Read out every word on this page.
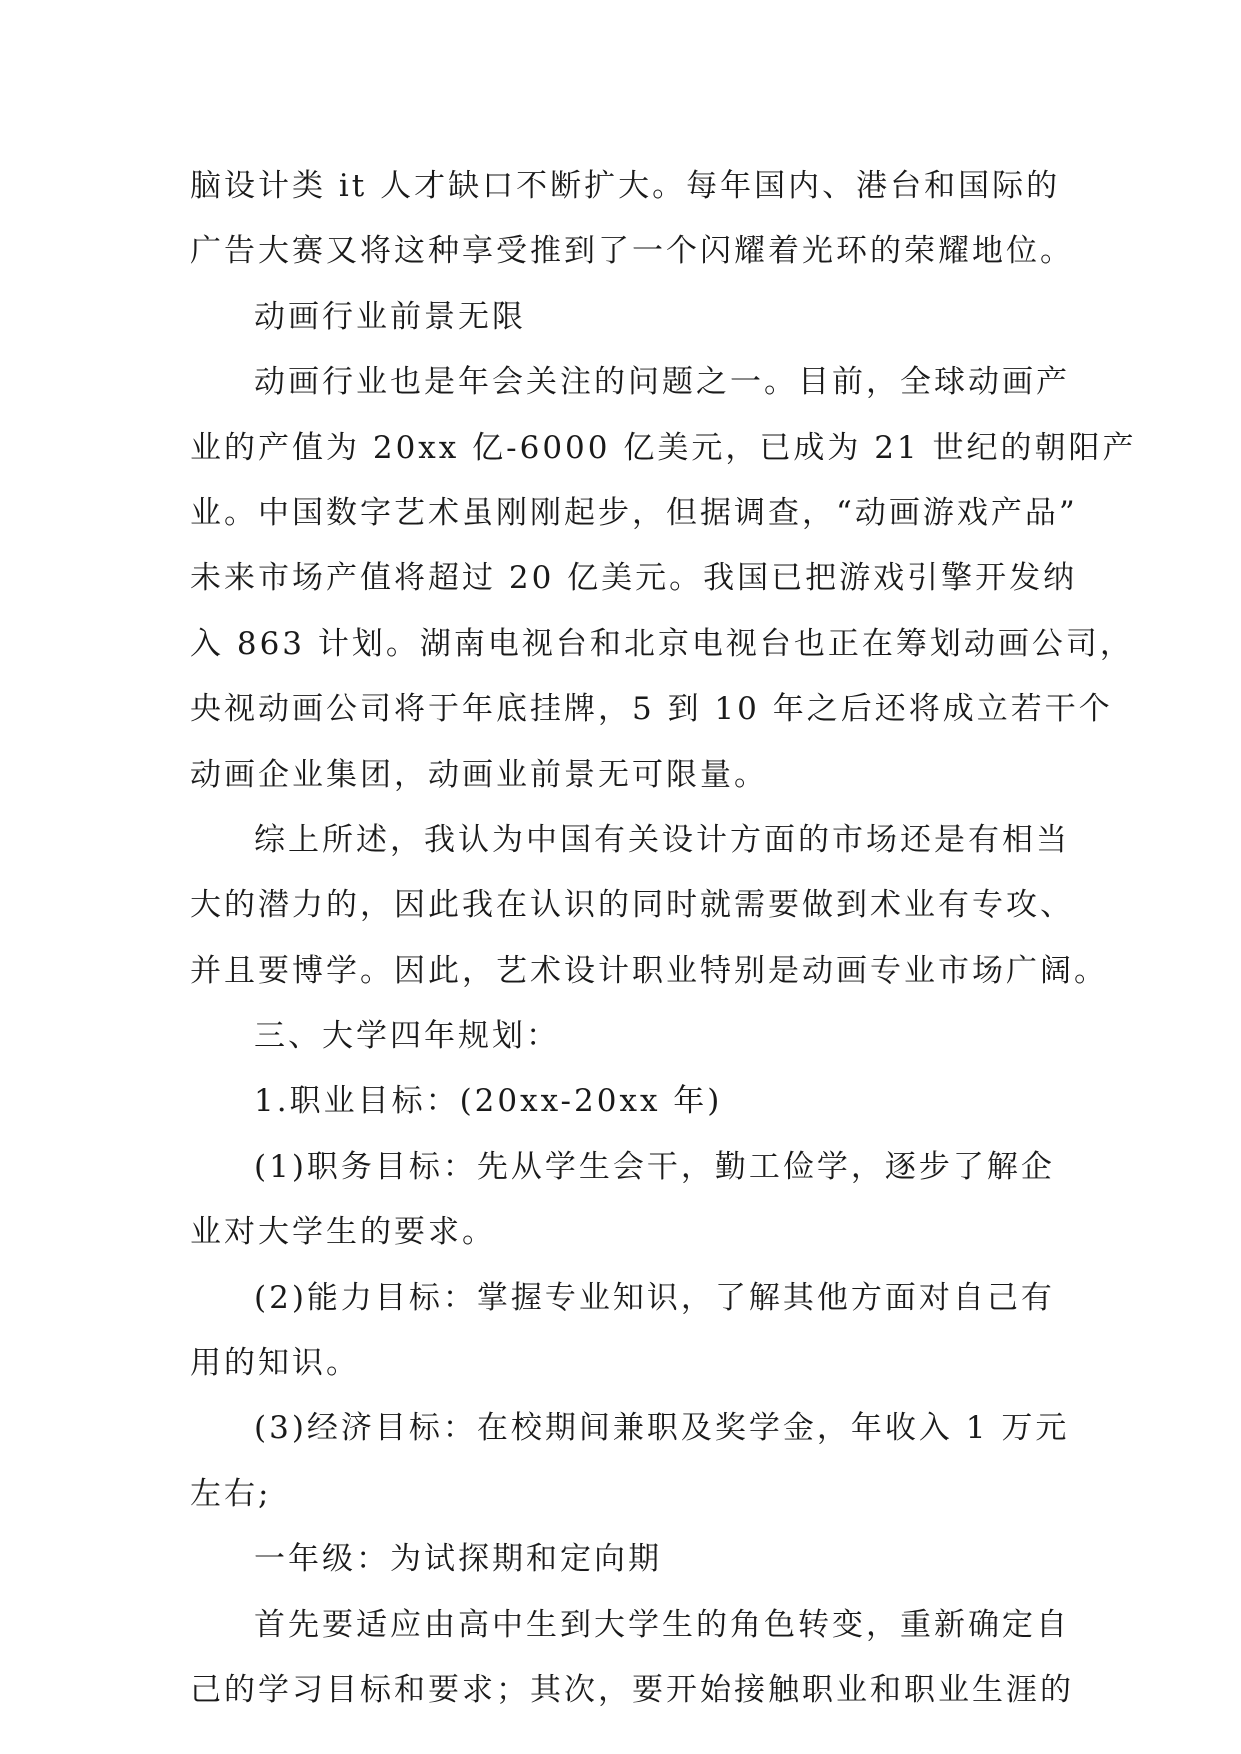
脑设计类 it 人才缺口不断扩大。每年国内、港台和国际的
广告大赛又将这种享受推到了一个闪耀着光环的荣耀地位。
动画行业前景无限
动画行业也是年会关注的问题之一。目前，全球动画产
业的产值为 20xx 亿-6000 亿美元，已成为 21 世纪的朝阳产
业。中国数字艺术虽刚刚起步，但据调查，“动画游戏产品”
未来市场产值将超过 20 亿美元。我国已把游戏引擎开发纳
入 863 计划。湖南电视台和北京电视台也正在筹划动画公司，
央视动画公司将于年底挂牌，5 到 10 年之后还将成立若干个
动画企业集团，动画业前景无可限量。
综上所述，我认为中国有关设计方面的市场还是有相当
大的潜力的，因此我在认识的同时就需要做到术业有专攻、
并且要博学。因此，艺术设计职业特别是动画专业市场广阔。
三、大学四年规划：
1.职业目标：(20xx-20xx 年)
(1)职务目标：先从学生会干，勤工俭学，逐步了解企
业对大学生的要求。
(2)能力目标：掌握专业知识，了解其他方面对自己有
用的知识。
(3)经济目标：在校期间兼职及奖学金，年收入 1 万元
左右;
一年级：为试探期和定向期
首先要适应由高中生到大学生的角色转变，重新确定自
己的学习目标和要求；其次，要开始接触职业和职业生涯的
